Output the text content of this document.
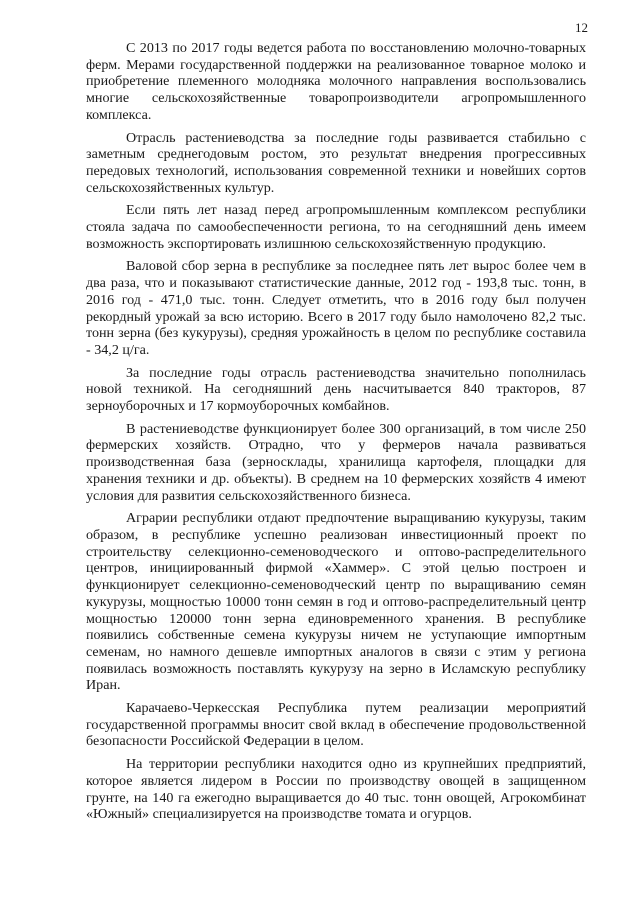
12

С 2013 по 2017 годы ведется работа по восстановлению молочно-товарных ферм. Мерами государственной поддержки на реализованное товарное молоко и приобретение племенного молодняка молочного направления воспользовались многие сельскохозяйственные товаропроизводители агропромышленного комплекса.

Отрасль растениеводства за последние годы развивается стабильно с заметным среднегодовым ростом, это результат внедрения прогрессивных передовых технологий, использования современной техники и новейших сортов сельскохозяйственных культур.

Если пять лет назад перед агропромышленным комплексом республики стояла задача по самообеспеченности региона, то на сегодняшний день имеем возможность экспортировать излишнюю сельскохозяйственную продукцию.

Валовой сбор зерна в республике за последнее пять лет вырос более чем в два раза, что и показывают статистические данные, 2012 год - 193,8 тыс. тонн, в 2016 год - 471,0 тыс. тонн. Следует отметить, что в 2016 году был получен рекордный урожай за всю историю. Всего в 2017 году было намолочено 82,2 тыс. тонн зерна (без кукурузы), средняя урожайность в целом по республике составила - 34,2 ц/га.

За последние годы отрасль растениеводства значительно пополнилась новой техникой. На сегодняшний день насчитывается 840 тракторов, 87 зерноуборочных и 17 кормоуборочных комбайнов.

В растениеводстве функционирует более 300 организаций, в том числе 250 фермерских хозяйств. Отрадно, что у фермеров начала развиваться производственная база (зерносклады, хранилища картофеля, площадки для хранения техники и др. объекты). В среднем на 10 фермерских хозяйств 4 имеют условия для развития сельскохозяйственного бизнеса.

Аграрии республики отдают предпочтение выращиванию кукурузы, таким образом, в республике успешно реализован инвестиционный проект по строительству селекционно-семеноводческого и оптово-распределительного центров, инициированный фирмой «Хаммер». С этой целью построен и функционирует селекционно-семеноводческий центр по выращиванию семян кукурузы, мощностью 10000 тонн семян в год и оптово-распределительный центр мощностью 120000 тонн зерна единовременного хранения. В республике появились собственные семена кукурузы ничем не уступающие импортным семенам, но намного дешевле импортных аналогов в связи с этим у региона появилась возможность поставлять кукурузу на зерно в Исламскую республику Иран.

Карачаево-Черкесская Республика путем реализации мероприятий государственной программы вносит свой вклад в обеспечение продовольственной безопасности Российской Федерации в целом.

На территории республики находится одно из крупнейших предприятий, которое является лидером в России по производству овощей в защищенном грунте, на 140 га ежегодно выращивается до 40 тыс. тонн овощей, Агрокомбинат «Южный» специализируется на производстве томата и огурцов.
